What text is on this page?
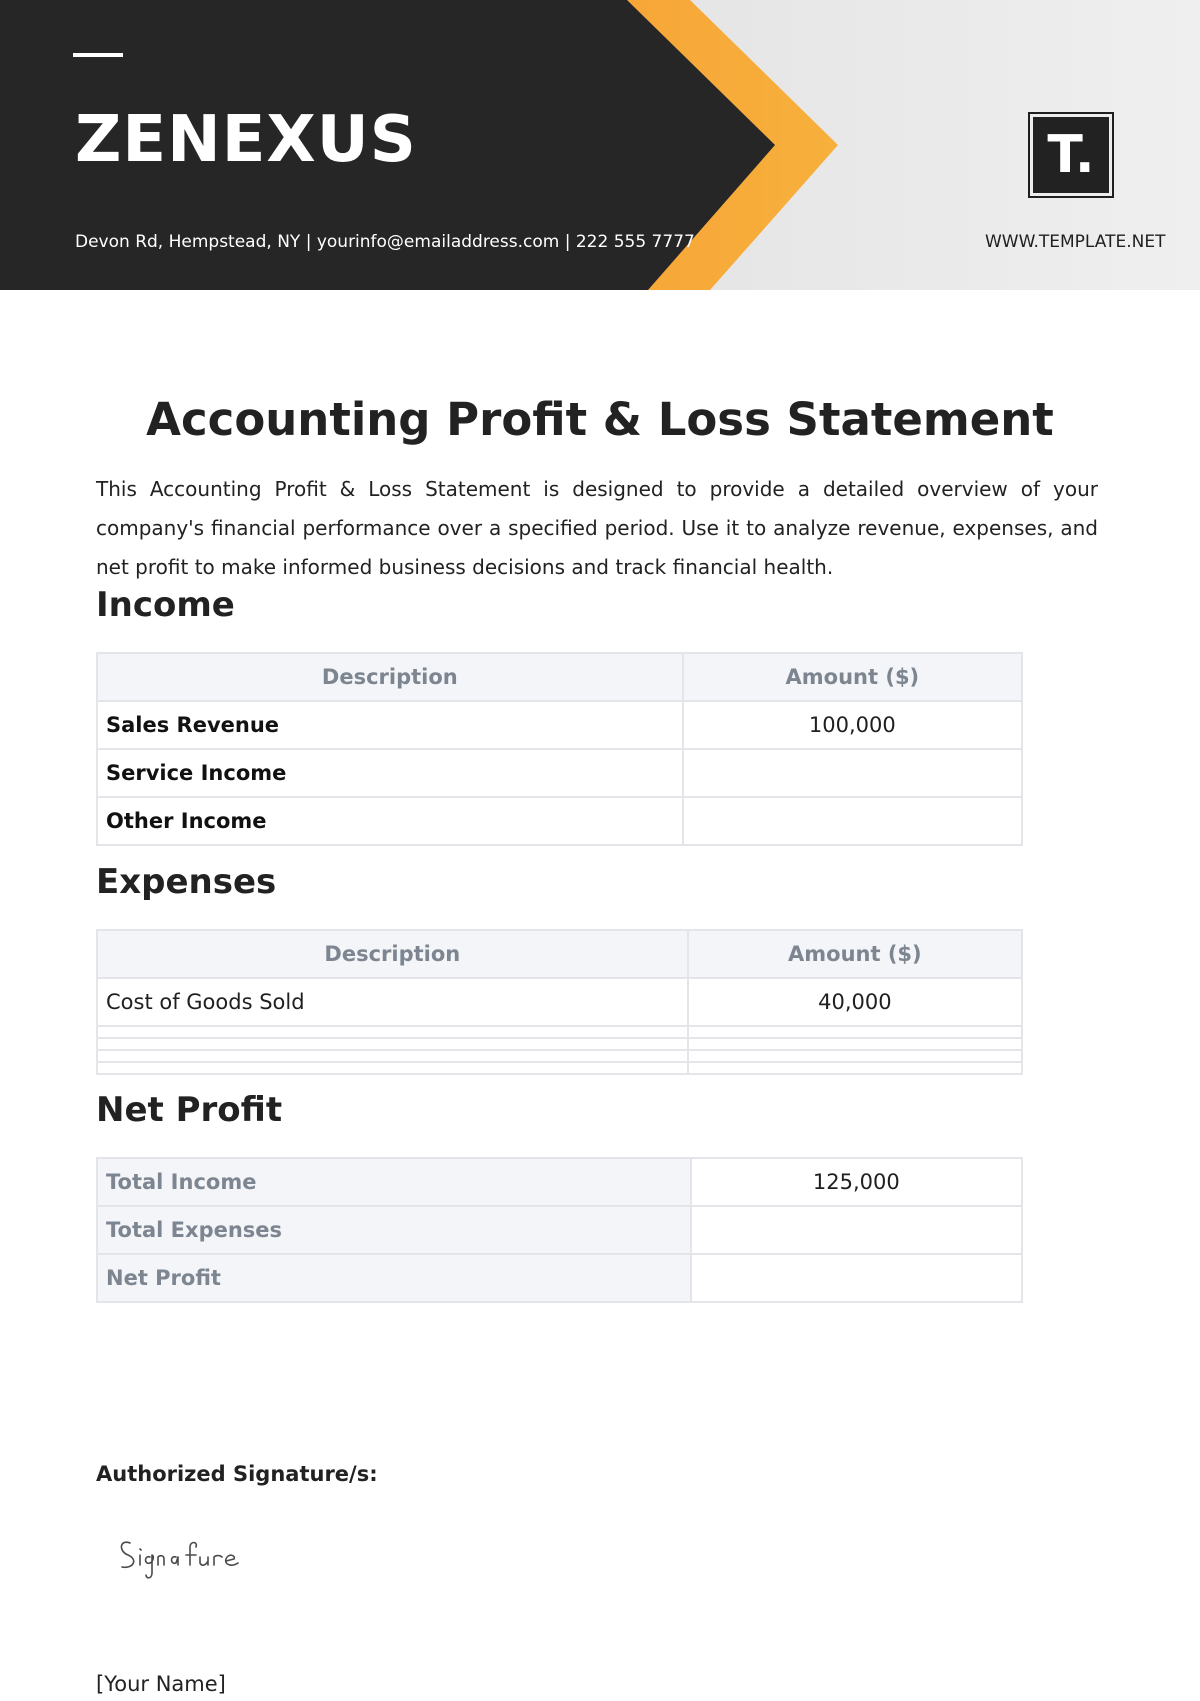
ZENEXUS
Devon Rd, Hempstead, NY | yourinfo@emailaddress.com | 222 555 7777
T.
WWW.TEMPLATE.NET
Accounting Profit & Loss Statement

This Accounting Profit & Loss Statement is designed to provide a detailed overview of your company's financial performance over a specified period. Use it to analyze revenue, expenses, and net profit to make informed business decisions and track financial health.

Income
Description	Amount ($)
Sales Revenue	100,000
Service Income	
Other Income	
Expenses
Description	Amount ($)
Cost of Goods Sold	40,000

Net Profit
Total Income	125,000
Total Expenses	
Net Profit	
Authorized Signature/s:
[Your Name]
